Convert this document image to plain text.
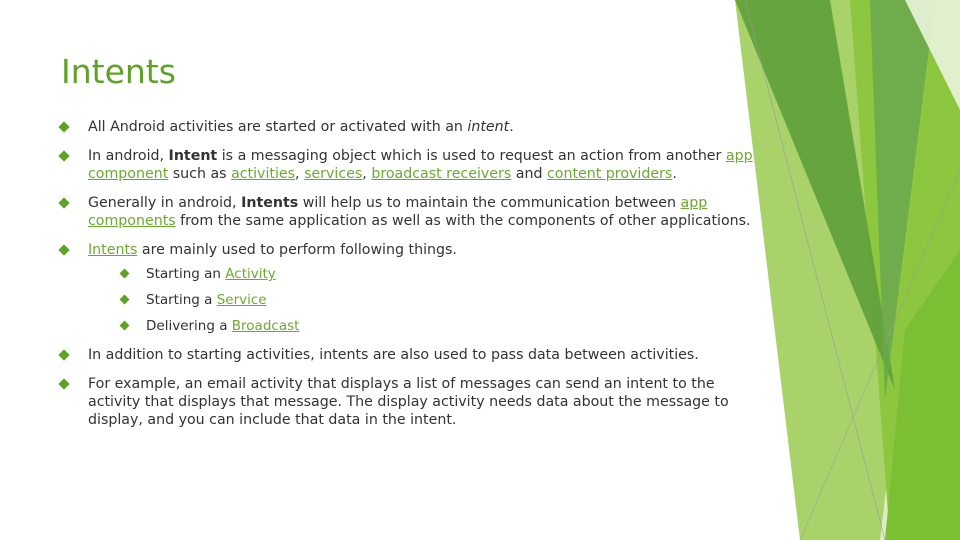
Intents
All Android activities are started or activated with an intent.
In android, Intent is a messaging object which is used to request an action from another app component such as activities, services, broadcast receivers and content providers.
Generally in android, Intents will help us to maintain the communication between app components from the same application as well as with the components of other applications.
Intents are mainly used to perform following things.
Starting an Activity
Starting a Service
Delivering a Broadcast
In addition to starting activities, intents are also used to pass data between activities.
For example, an email activity that displays a list of messages can send an intent to the activity that displays that message. The display activity needs data about the message to display, and you can include that data in the intent.
